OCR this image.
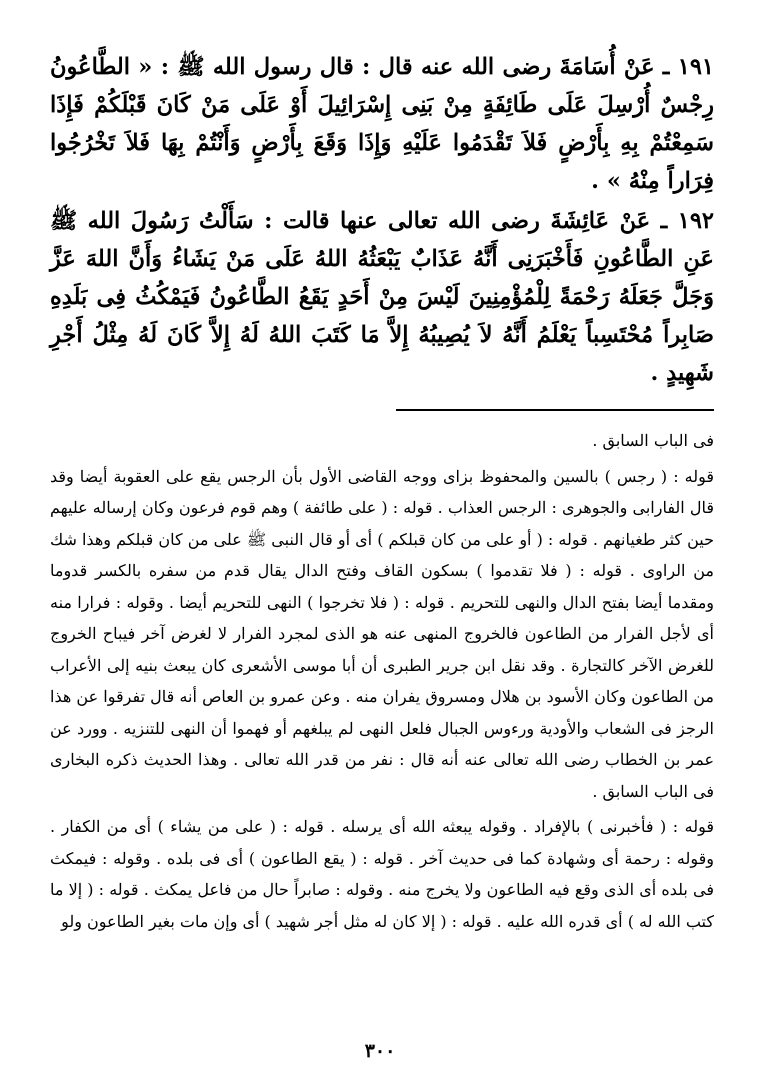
١٩١ ـ عَنْ أُسَامَةَ رضى الله عنه قال : قال رسول الله ﷺ : « الطَّاعُونُ رِجْسٌ أُرْسِلَ عَلَى طَائِفَةٍ مِنْ بَنِى إِسْرَائِيلَ أَوْ عَلَى مَنْ كَانَ قَبْلَكُمْ فَإِذَا سَمِعْتُمْ بِهِ بِأَرْضٍ فَلاَ تَقْدَمُوا عَلَيْهِ وَإِذَا وَقَعَ بِأَرْضٍ وَأَنْتُمْ بِهَا فَلاَ تَخْرُجُوا فِرَاراً مِنْهُ » .

١٩٢ ـ عَنْ عَائِشَةَ رضى الله تعالى عنها قالت : سَأَلْتُ رَسُولَ الله ﷺ عَنِ الطَّاعُونِ فَأَخْبَرَنِى أَنَّهُ عَذَابٌ يَبْعَثُهُ اللهُ عَلَى مَنْ يَشَاءُ وَأَنَّ اللهَ عَزَّ وَجَلَّ جَعَلَهُ رَحْمَةً لِلْمُؤْمِنِينَ لَيْسَ مِنْ أَحَدٍ يَقَعُ الطَّاعُونُ فَيَمْكُثُ فِى بَلَدِهِ صَابِراً مُحْتَسِباً يَعْلَمُ أَنَّهُ لاَ يُصِيبُهُ إِلاَّ مَا كَتَبَ اللهُ لَهُ إِلاَّ كَانَ لَهُ مِثْلُ أَجْرِ شَهِيدٍ .

فى الباب السابق .

قوله : ( رجس ) بالسين والمحفوظ بزاى ووجه القاضى الأول بأن الرجس يقع على العقوبة أيضا وقد قال الفارابى والجوهرى : الرجس العذاب . قوله : ( على طائفة ) وهم قوم فرعون وكان إرساله عليهم حين كثر طغيانهم . قوله : ( أو على من كان قبلكم ) أى أو قال النبى ﷺ على من كان قبلكم وهذا شك من الراوى . قوله : ( فلا تقدموا ) بسكون القاف وفتح الدال يقال قدم من سفره بالكسر قدوما ومقدما أيضا بفتح الدال والنهى للتحريم . قوله : ( فلا تخرجوا ) النهى للتحريم أيضا . وقوله : فرارا منه أى لأجل الفرار من الطاعون فالخروج المنهى عنه هو الذى لمجرد الفرار لا لغرض آخر فيباح الخروج للغرض الآخر كالتجارة . وقد نقل ابن جرير الطبرى أن أبا موسى الأشعرى كان يبعث بنيه إلى الأعراب من الطاعون وكان الأسود بن هلال ومسروق يفران منه . وعن عمرو بن العاص أنه قال تفرقوا عن هذا الرجز فى الشعاب والأودية ورءوس الجبال فلعل النهى لم يبلغهم أو فهموا أن النهى للتنزيه . وورد عن عمر بن الخطاب رضى الله تعالى عنه أنه قال : نفر من قدر الله تعالى . وهذا الحديث ذكره البخارى فى الباب السابق .

قوله : ( فأخبرنى ) بالإفراد . وقوله يبعثه الله أى يرسله . قوله : ( على من يشاء ) أى من الكفار . وقوله : رحمة أى وشهادة كما فى حديث آخر . قوله : ( يقع الطاعون ) أى فى بلده . وقوله : فيمكث فى بلده أى الذى وقع فيه الطاعون ولا يخرج منه . وقوله : صابراً حال من فاعل يمكث . قوله : ( إلا ما كتب الله له ) أى قدره الله عليه . قوله : ( إلا كان له مثل أجر شهيد ) أى وإن مات بغير الطاعون ولو

٣٠٠
